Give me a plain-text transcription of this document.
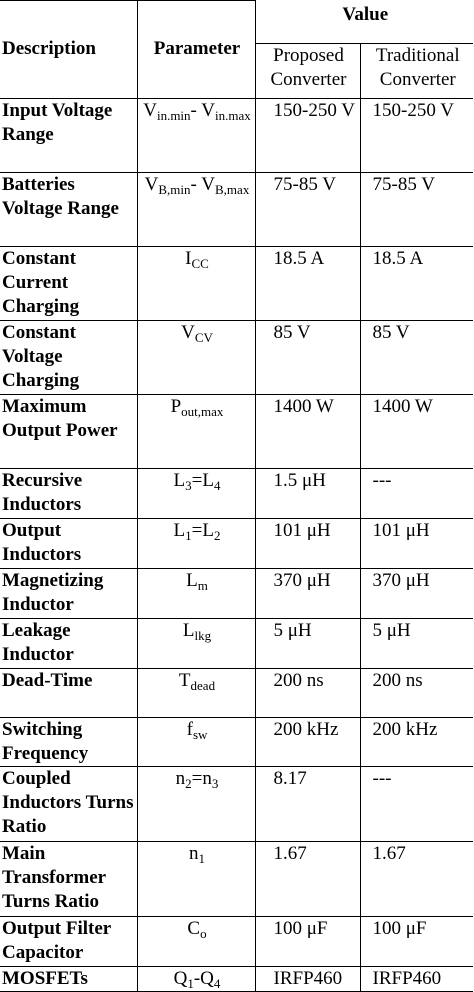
Description	Parameter	Value	
		Proposed Converter	Traditional Converter
Input Voltage Range	$V_{in.min}-$ $V_{in.max}$	150-250 V	150-250 V
Batteries Voltage Range	$V_{B,min}-$ $V_{B,max}$	75-85 V	75-85 V
Constant Current Charging	$I_{CC}$	18.5 A	18.5 A
Constant Voltage Charging	$V_{CV}$	85 V	85 V
Maximum Output Power	$P_{out,max}$	1400 W	1400 W
Recursive Inductors	$L_3=L_4$	1.5 μH	---
Output Inductors	$L_1=L_2$	101 μH	101 μH
Magnetizing Inductor	$L_m$	370 μH	370 μH
Leakage Inductor	$L_{lkg}$	5 μH	5 μH
Dead-Time	$T_{dead}$	200 ns	200 ns
Switching Frequency	$f_{sw}$	200 kHz	200 kHz
Coupled Inductors Turns Ratio	$n_2=n_3$	8.17	---
Main Transformer Turns Ratio	$n_1$	1.67	1.67
Output Filter Capacitor	$C_o$	100 μF	100 μF
MOSFETs	$Q_1-Q_4$	IRFP460	IRFP460
